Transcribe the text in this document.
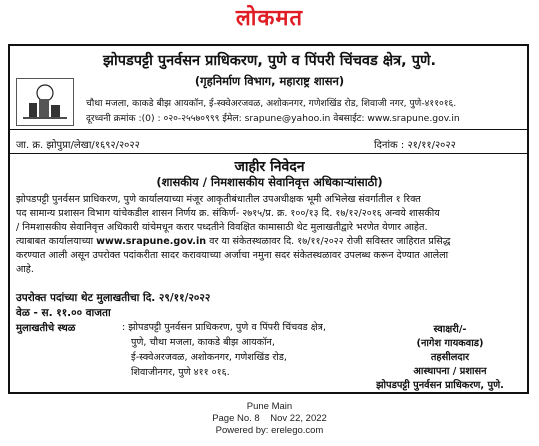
लोकमत
झोपडपट्टी पुनर्वसन प्राधिकरण, पुणे व पिंपरी चिंचवड क्षेत्र, पुणे.
(गृहनिर्माण विभाग, महाराष्ट्र शासन)
चौथा मजला, काकडे बीझ आयकॉन, ई-स्क्वेअरजवळ, अशोकनगर, गणेशखिंड रोड, शिवाजी नगर, पुणे-४११०१६.
दूरध्वनी क्रमांक :(0) : ०२०-२५५७०९९९ ईमेल: srapune@yahoo.in वेबसाईट: www.srapune.gov.in
जा. क्र. झोपुप्रा/लेखा/१६९२/२०२२	दिनांक : २१/११/२०२२
जाहीर निवेदन
(शासकीय / निमशासकीय सेवानिवृत्त अधिकाऱ्यांसाठी)
झोपडपट्टी पुनर्वसन प्राधिकरण, पुणे कार्यालयाच्या मंजूर आकृतीबंधातील उपअधीक्षक भूमी अभिलेख संवर्गातील १ रिक्त
पद सामान्य प्रशासन विभाग यांचेकडील शासन निर्णय क्र. संकिर्ण- २७१५/प्र. क्र. १००/१३ दि. १७/१२/२०१६ अन्वये शासकीय
/ निमशासकीय सेवानिवृत्त अधिकारी यांचेमधून करार पध्दतीने विवक्षित कामासाठी थेट मुलाखतीद्वारे भरणेत येणार आहेत.
त्याबाबत कार्यालयाच्या www.srapune.gov.in वर या संकेतस्थळावर दि. १७/११/२०२२ रोजी सविस्तर जाहिरात प्रसिद्ध
करण्यात आली असून उपरोक्त पदांकरीता सादर करावयाच्या अर्जाचा नमुना सदर संकेतस्थळावर उपलब्ध करून देण्यात आलेला
आहे.
उपरोक्त पदांच्या थेट मुलाखतीचा दि. २९/११/२०२२
वेळ - स. ११.०० वाजता
मुलाखतीचे स्थळ	: झोपडपट्टी पुनर्वसन प्राधिकरण, पुणे व पिंपरी चिंचवड क्षेत्र,
पुणे, चौथा मजला, काकडे बीझ आयकॉन,
ई-स्क्वेअरजवळ, अशोकनगर, गणेशखिंड रोड,
शिवाजीनगर, पुणे ४११ ०१६.
स्वाक्षरी/-
(नागेश गायकवाड)
तहसीलदार
आस्थापना / प्रशासन
झोपडपट्टी पुनर्वसन प्राधिकरण, पुणे.
Pune Main
Page No. 8    Nov 22, 2022
Powered by: erelego.com
